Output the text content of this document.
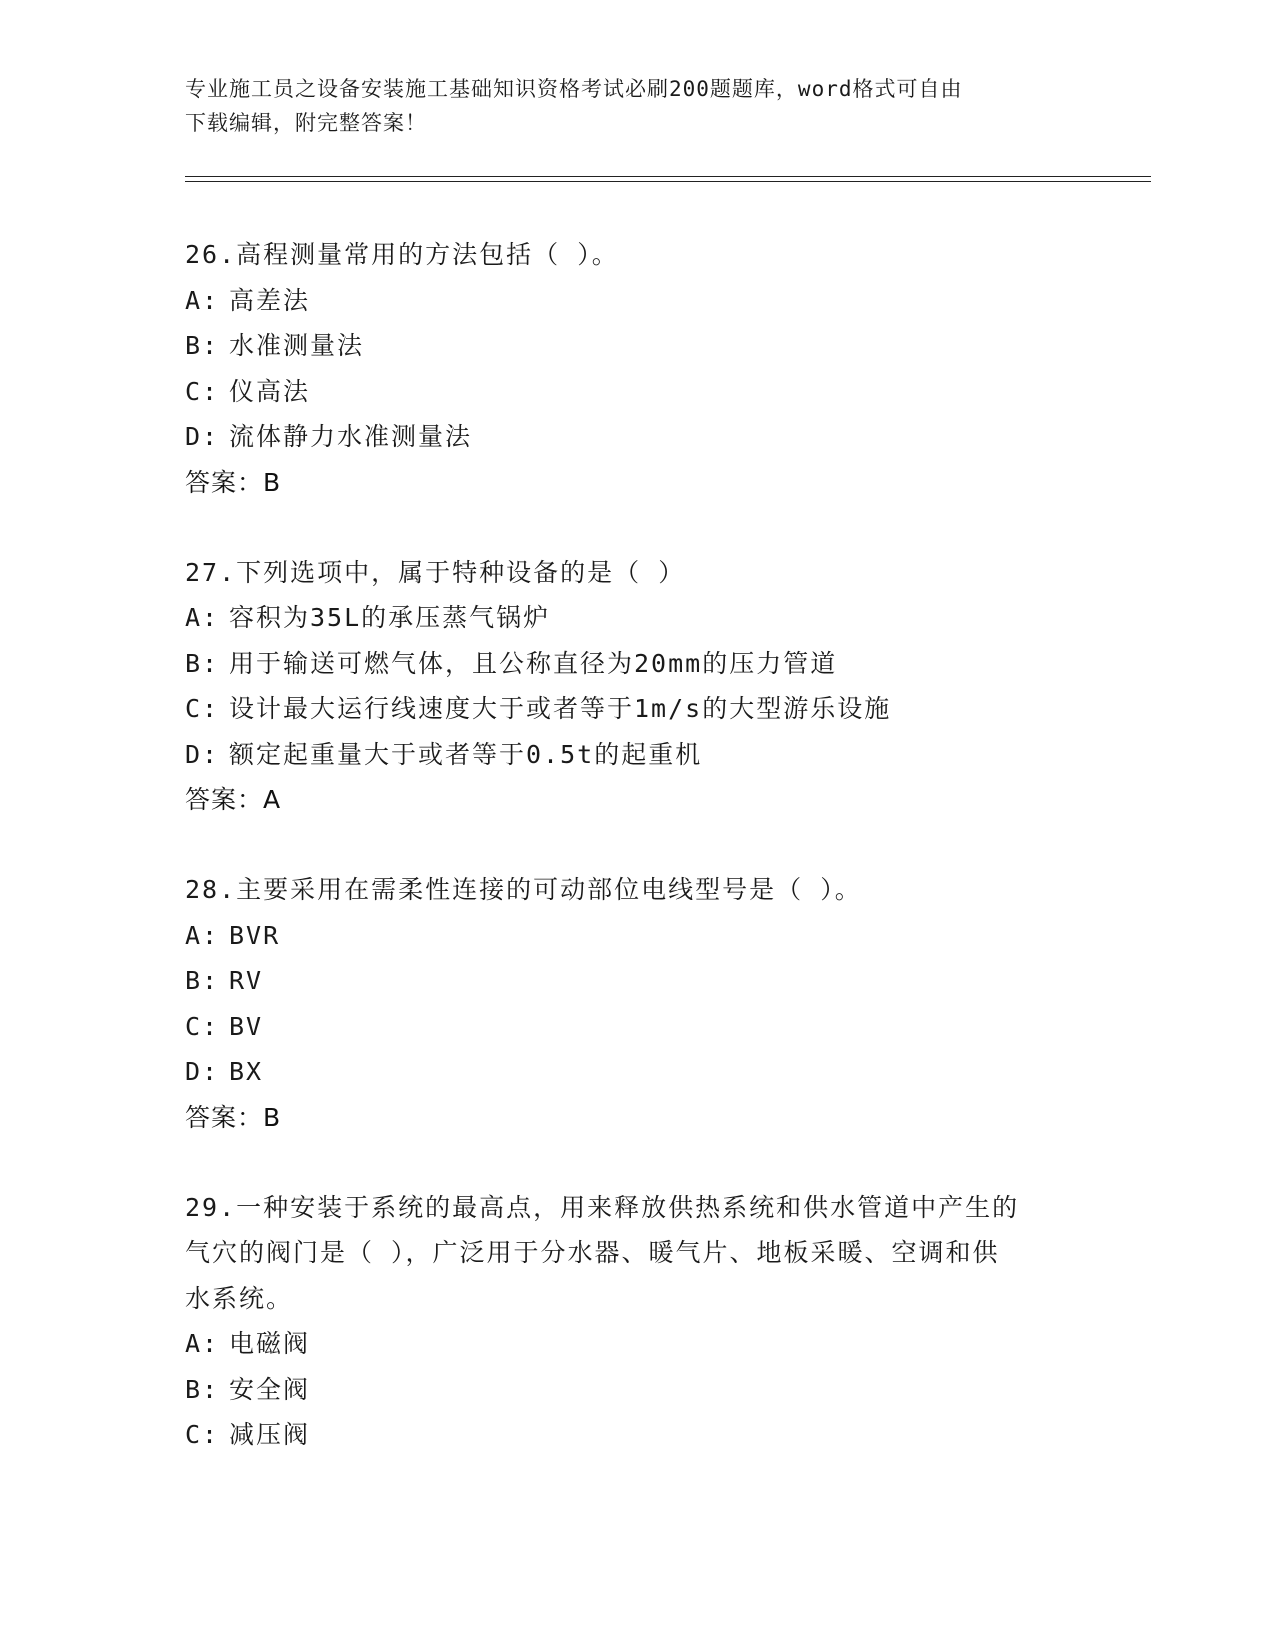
专业施工员之设备安装施工基础知识资格考试必刷200题题库，word格式可自由
下载编辑，附完整答案！
26.高程测量常用的方法包括（ ）。
A: 高差法
B: 水准测量法
C: 仪高法
D: 流体静力水准测量法
答案：B
27.下列选项中，属于特种设备的是（ ）
A: 容积为35L的承压蒸气锅炉
B: 用于输送可燃气体，且公称直径为20mm的压力管道
C: 设计最大运行线速度大于或者等于1m/s的大型游乐设施
D: 额定起重量大于或者等于0.5t的起重机
答案：A
28.主要采用在需柔性连接的可动部位电线型号是（ ）。
A: BVR
B: RV
C: BV
D: BX
答案：B
29.一种安装于系统的最高点，用来释放供热系统和供水管道中产生的
气穴的阀门是（ ），广泛用于分水器、暖气片、地板采暖、空调和供
水系统。
A: 电磁阀
B: 安全阀
C: 减压阀
